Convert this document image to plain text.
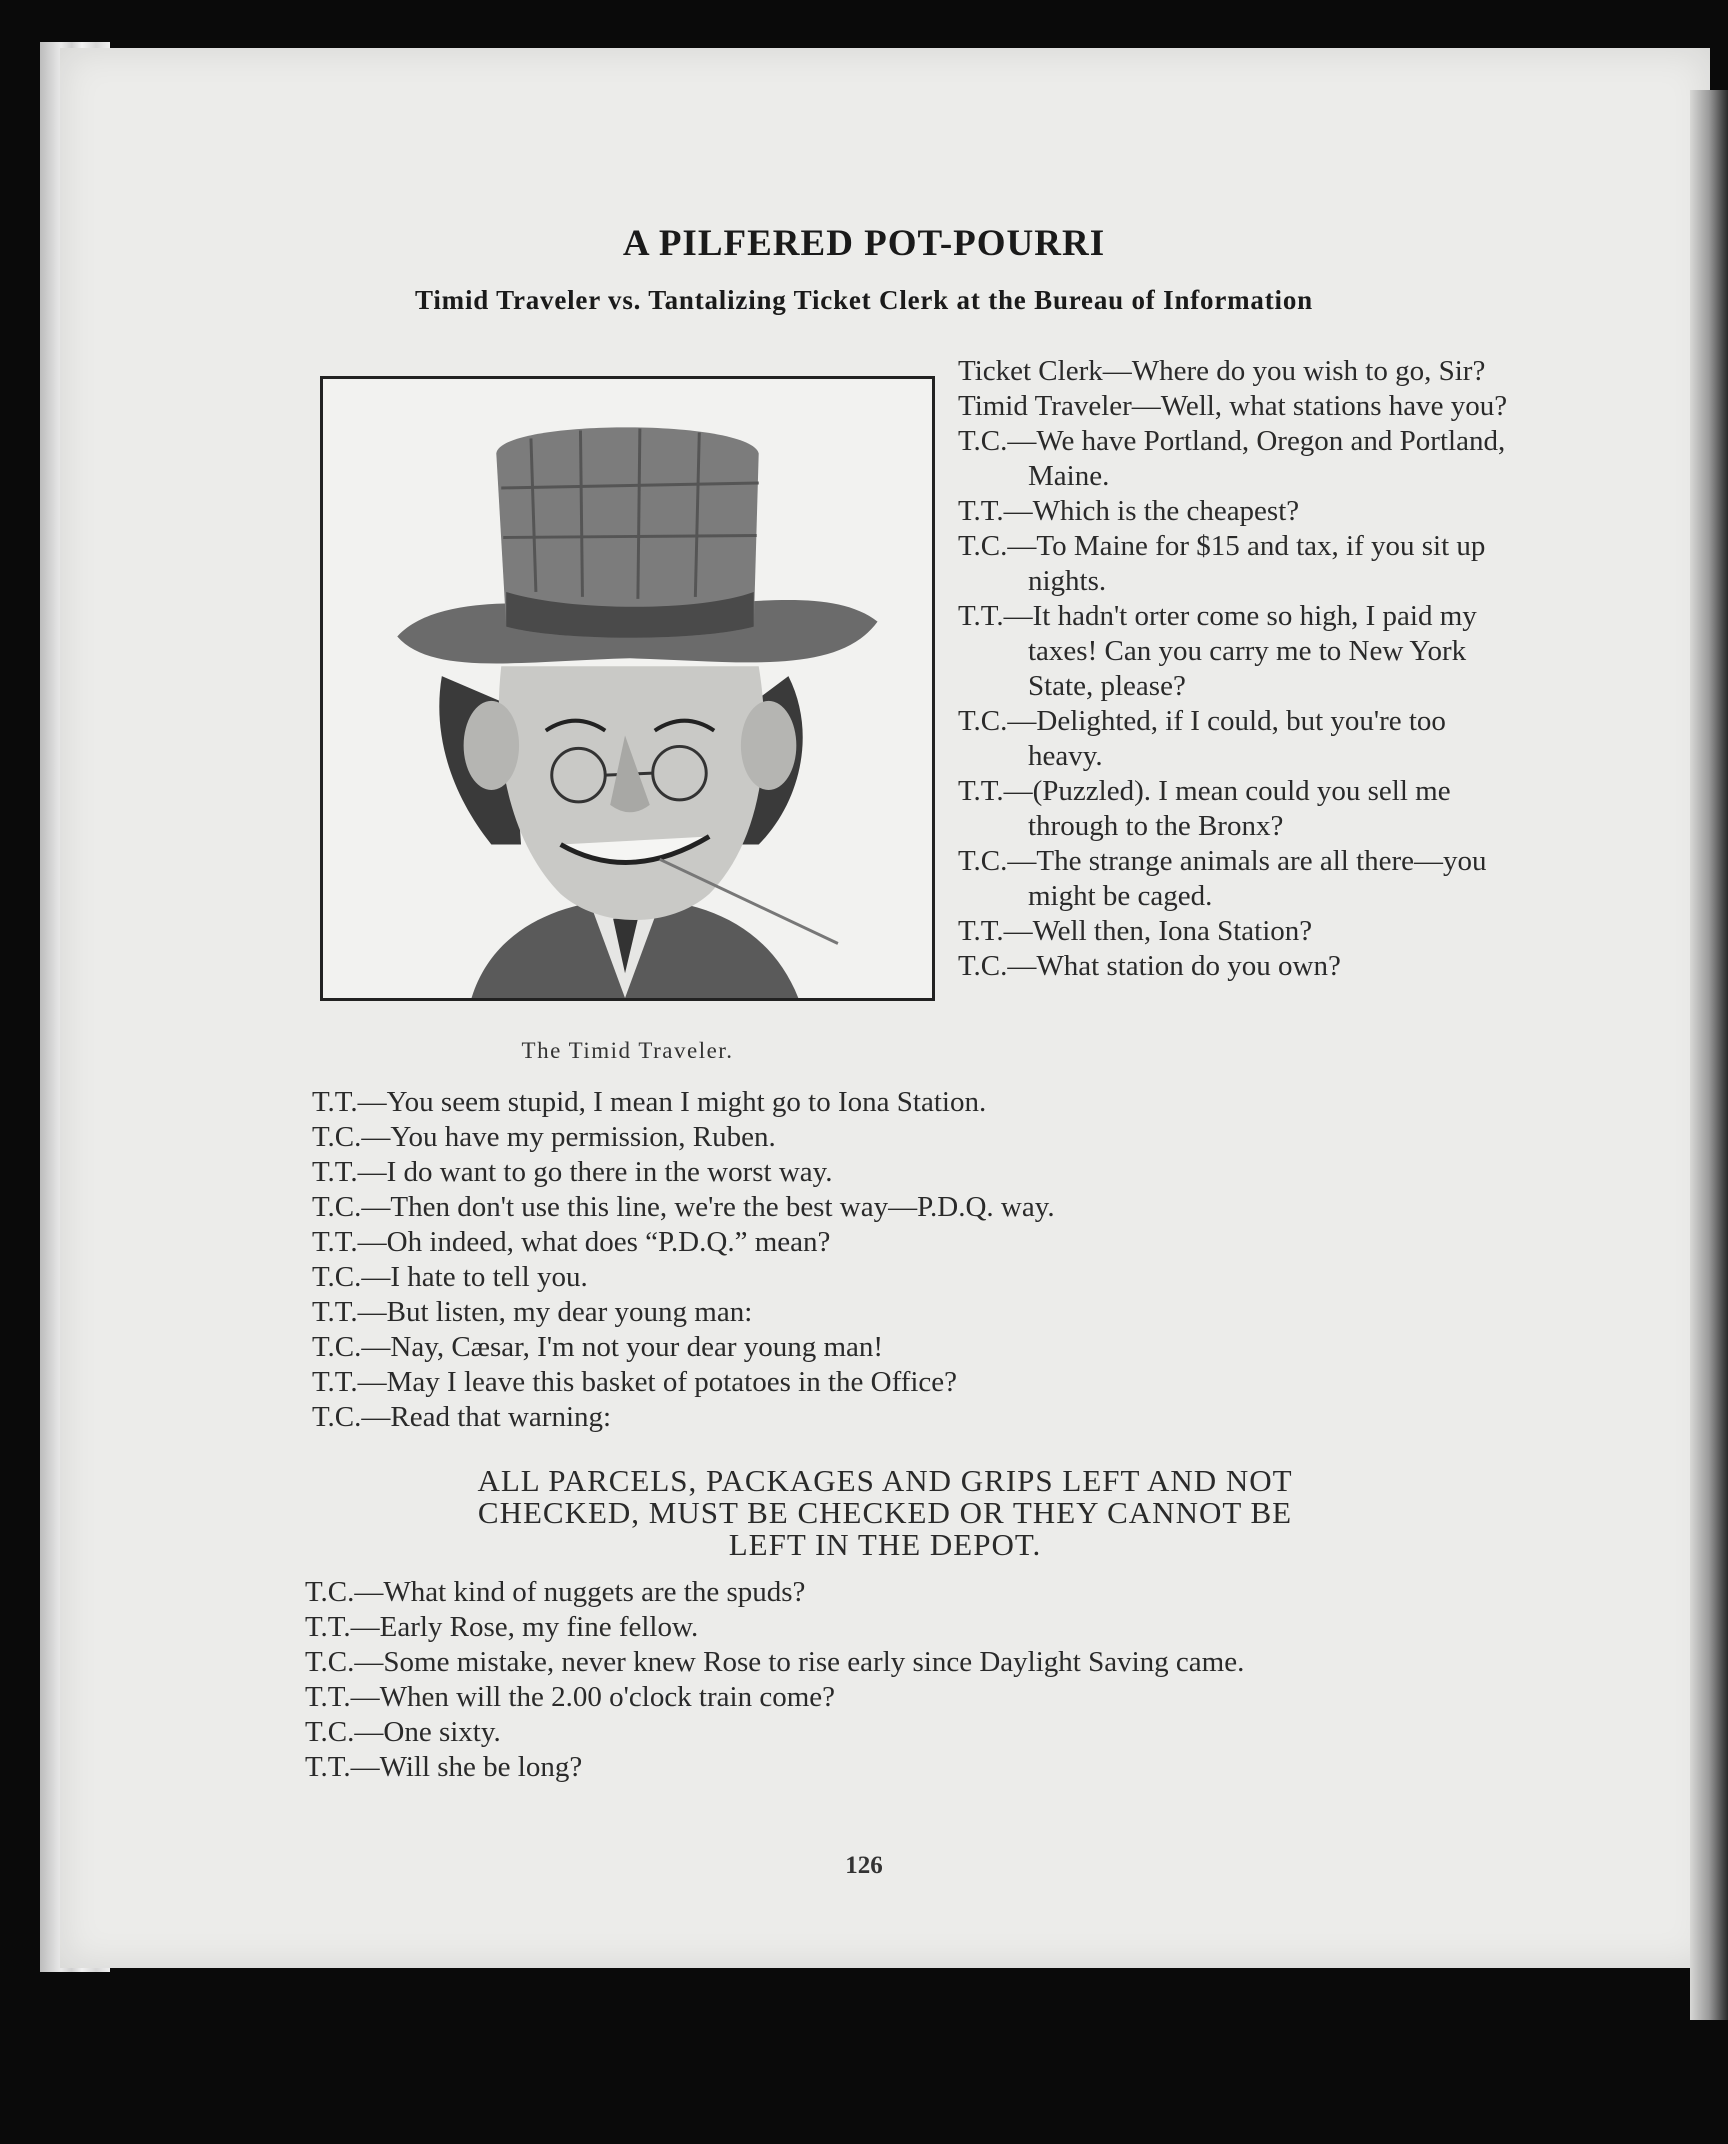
A PILFERED POT-POURRI
Timid Traveler vs. Tantalizing Ticket Clerk at the Bureau of Information
The Timid Traveler.
Ticket Clerk—Where do you wish to go, Sir?
Timid Traveler—Well, what stations have you?
T.C.—We have Portland, Oregon and Portland, Maine.
T.T.—Which is the cheapest?
T.C.—To Maine for $15 and tax, if you sit up nights.
T.T.—It hadn't orter come so high, I paid my taxes! Can you carry me to New York State, please?
T.C.—Delighted, if I could, but you're too heavy.
T.T.—(Puzzled). I mean could you sell me through to the Bronx?
T.C.—The strange animals are all there—you might be caged.
T.T.—Well then, Iona Station?
T.C.—What station do you own?
T.T.—You seem stupid, I mean I might go to Iona Station.
T.C.—You have my permission, Ruben.
T.T.—I do want to go there in the worst way.
T.C.—Then don't use this line, we're the best way—P.D.Q. way.
T.T.—Oh indeed, what does “P.D.Q.” mean?
T.C.—I hate to tell you.
T.T.—But listen, my dear young man:
T.C.—Nay, Cæsar, I'm not your dear young man!
T.T.—May I leave this basket of potatoes in the Office?
T.C.—Read that warning:
ALL PARCELS, PACKAGES AND GRIPS LEFT AND NOT
CHECKED, MUST BE CHECKED OR THEY CANNOT BE
LEFT IN THE DEPOT.
T.C.—What kind of nuggets are the spuds?
T.T.—Early Rose, my fine fellow.
T.C.—Some mistake, never knew Rose to rise early since Daylight Saving came.
T.T.—When will the 2.00 o'clock train come?
T.C.—One sixty.
T.T.—Will she be long?
126
